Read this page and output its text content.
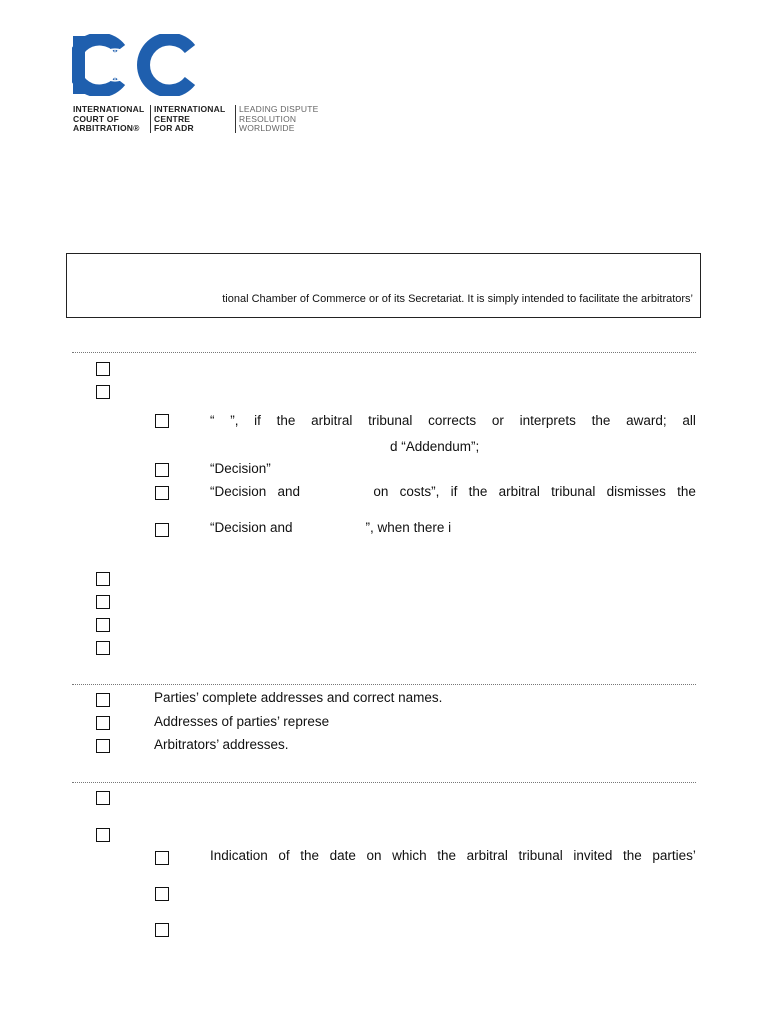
INTERNATIONAL
COURT OF
ARBITRATION®
INTERNATIONAL
CENTRE
FOR ADR
LEADING DISPUTE
RESOLUTION
WORLDWIDE
tional Chamber of Commerce or of its Secretariat. It is simply intended to facilitate the arbitrators’
“ ”, if the arbitral tribunal corrects or interprets the award; all
d “Addendum”;
“Decision”
“Decision and	on costs”, if the arbitral tribunal dismisses the
“Decision and	”, when there i
Parties’ complete addresses and correct names.
Addresses of parties’ represe
Arbitrators’ addresses.
Indication of the date on which the arbitral tribunal invited the parties’
